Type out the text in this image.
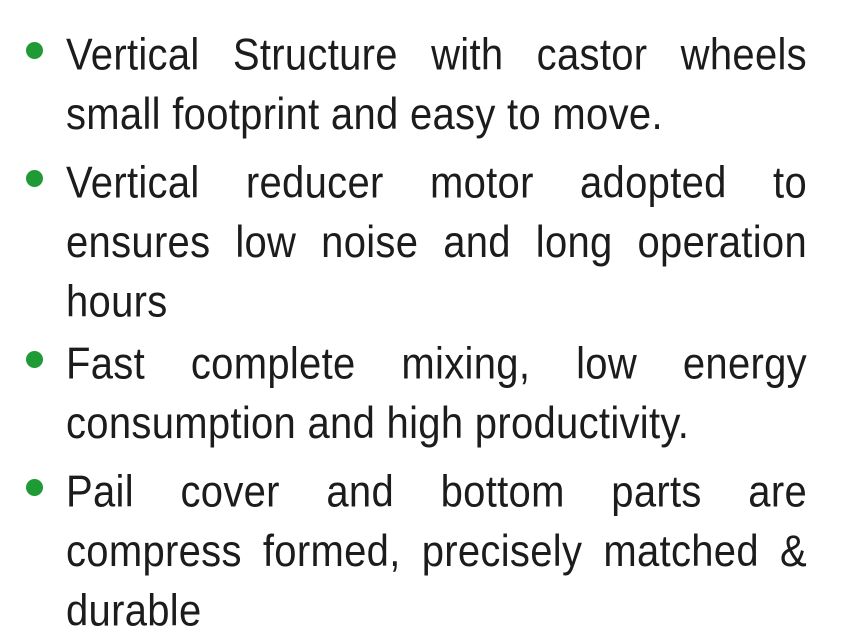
Vertical Structure with castor wheels small footprint and easy to move.

Vertical reducer motor adopted to ensures low noise and long operation hours

Fast complete mixing, low energy consumption and high productivity.

Pail cover and bottom parts are compress formed, precisely matched & durable
